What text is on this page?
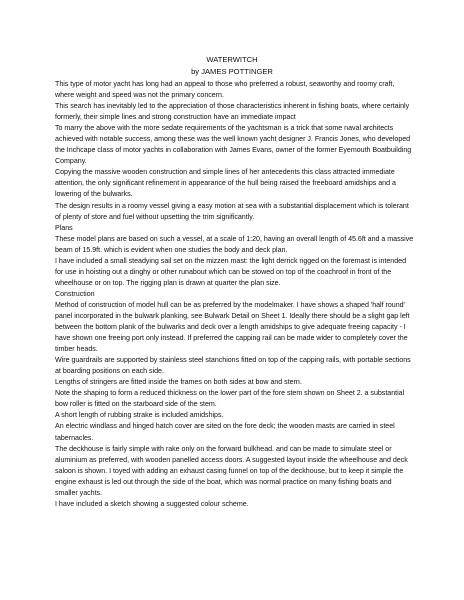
WATERWITCH
by JAMES POTTINGER

This type of motor yacht has long had an appeal to those who preferred a robust, seaworthy and roomy craft, where weight and speed was not the primary concern.

This search has inevitably led to the appreciation of those characteristics inherent in fishing boats, where certainly formerly, their simple lines and strong construction have an immediate impact

To marry the above with the more sedate requirements of the yachtsman is a trick that some naval architects achieved with notable success, among these was the well known yacht designer J. Francis Jones, who developed the Inchcape class of motor yachts in collaboration with James Evans, owner of the former Eyemouth Boatbuilding Company.

Copying the massive wooden construction and simple lines of her antecedents this class attracted immediate attention, the only significant refinement in appearance of the hull being raised the freeboard amidships and a lowering of the bulwarks.

The design results in a roomy vessel giving a easy motion at sea with a substantial displacement which is tolerant of plenty of store and fuel without upsetting the trim significantly.

Plans

These model plans are based on such a vessel, at a scale of 1:20, having an overall length of 45.6ft and a massive beam of 15.9ft. which is evident when one studies the body and deck plan.

I have included a small steadying sail set on the mizzen mast: the light derrick rigged on the foremast is intended for use in hoisting out a dinghy or other runabout which can be stowed on top of the coachroof in front of the wheelhouse or on top. The rigging plan is drawn at quarter the plan size.

Construction

Method of construction of model hull can be as preferred by the modelmaker. I have shows a shaped 'half round' panel incorporated in the bulwark planking, see Bulwark Detail on Sheet 1. Ideally there should be a slight gap left between the bottom plank of the bulwarks and deck over a length amidships to give adequate freeing capacity - I have shown one freeing port only instead. If preferred the capping rail can be made wider to completely cover the timber heads.

Wire guardrails are supported by stainless steel stanchions fitted on top of the capping rails, with portable sections at boarding positions on each side.

Lengths of stringers are fitted inside the frames on both sides at bow and stern.

Note the shaping to form a reduced thickness on the lower part of the fore stem shown on Sheet 2. a substantial bow roller is fitted on the starboard side of the stem.

A short length of rubbing strake is included amidships.

An electric windlass and hinged hatch cover are sited on the fore deck; the wooden masts are carried in steel tabernacles.

The deckhouse is fairly simple with rake only on the forward bulkhead. and can be made to simulate steel or aluminium as preferred, with wooden panelled access doors. A suggested layout inside the wheelhouse and deck saloon is shown. I toyed with adding an exhaust casing funnel on top of the deckhouse, but to keep it simple the engine exhaust is led out through the side of the boat, which was normal practice on many fishing boats and smaller yachts.

I have included a sketch showing a suggested colour scheme.
